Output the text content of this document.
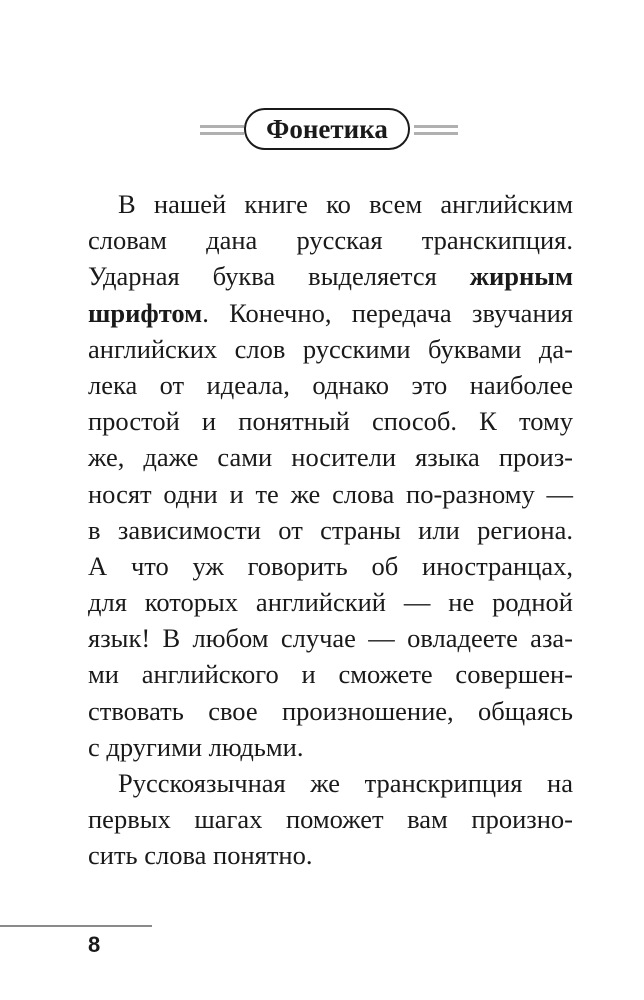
Фонетика
В нашей книге ко всем английским
словам дана русская транскипция.
Ударная буква выделяется жирным
шрифтом. Конечно, передача звучания
английских слов русскими буквами да-
лека от идеала, однако это наиболее
простой и понятный способ. К тому
же, даже сами носители языка произ-
носят одни и те же слова по-разному —
в зависимости от страны или региона.
А что уж говорить об иностранцах,
для которых английский — не родной
язык! В любом случае — овладеете аза-
ми английского и сможете совершен-
ствовать свое произношение, общаясь
с другими людьми.
Русскоязычная же транскрипция на
первых шагах поможет вам произно-
сить слова понятно.
8
